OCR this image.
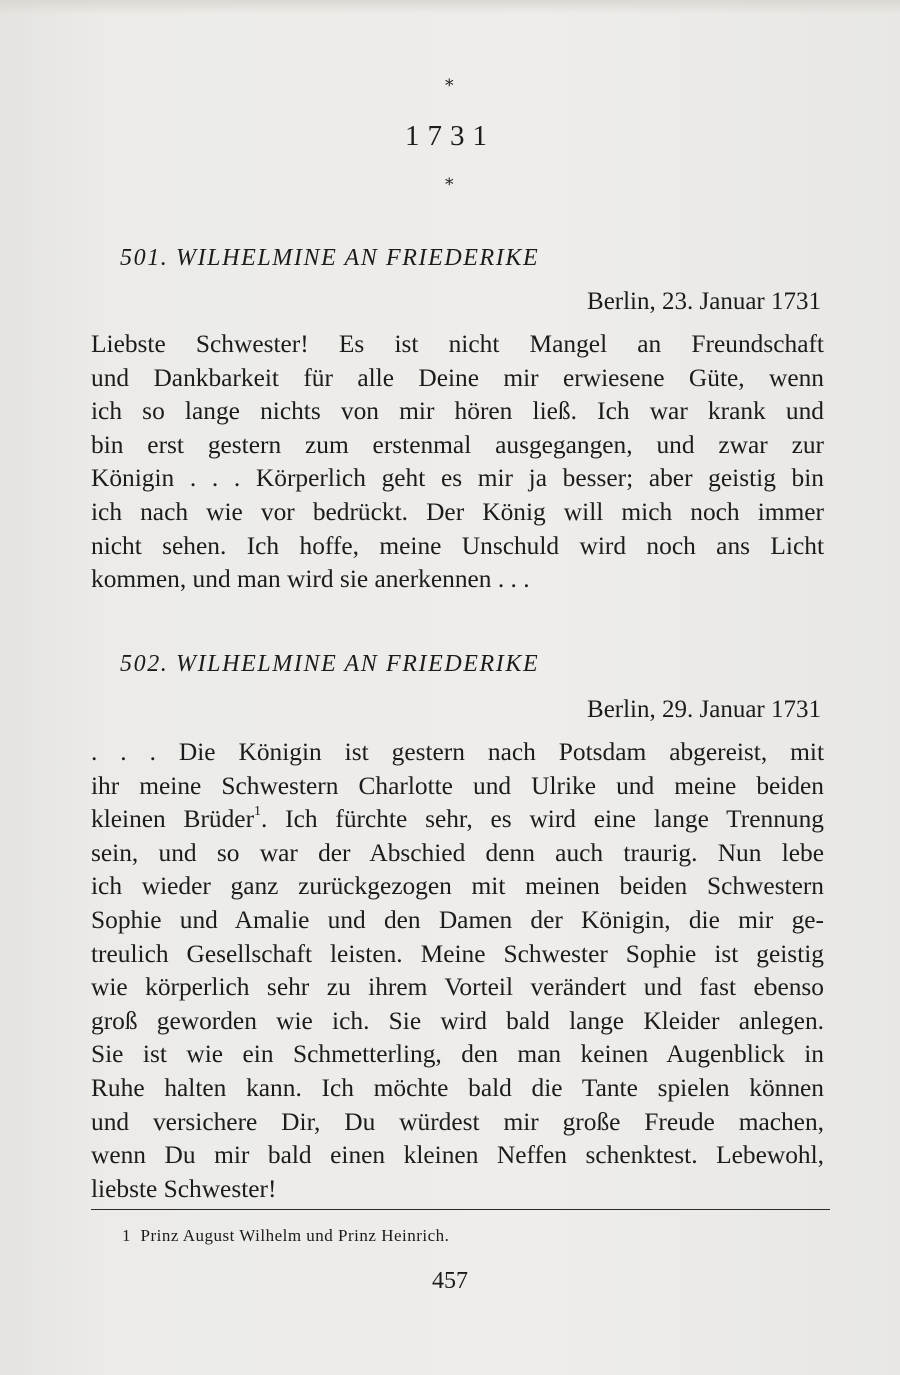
*
1731
*
501. WILHELMINE AN FRIEDERIKE
Berlin, 23. Januar 1731
Liebste Schwester! Es ist nicht Mangel an Freundschaft
und Dankbarkeit für alle Deine mir erwiesene Güte, wenn
ich so lange nichts von mir hören ließ. Ich war krank und
bin erst gestern zum erstenmal ausgegangen, und zwar zur
Königin . . . Körperlich geht es mir ja besser; aber geistig bin
ich nach wie vor bedrückt. Der König will mich noch immer
nicht sehen. Ich hoffe, meine Unschuld wird noch ans Licht
kommen, und man wird sie anerkennen . . .
502. WILHELMINE AN FRIEDERIKE
Berlin, 29. Januar 1731
. . . Die Königin ist gestern nach Potsdam abgereist, mit
ihr meine Schwestern Charlotte und Ulrike und meine beiden
kleinen Brüder$^1$. Ich fürchte sehr, es wird eine lange Trennung
sein, und so war der Abschied denn auch traurig. Nun lebe
ich wieder ganz zurückgezogen mit meinen beiden Schwestern
Sophie und Amalie und den Damen der Königin, die mir ge-
treulich Gesellschaft leisten. Meine Schwester Sophie ist geistig
wie körperlich sehr zu ihrem Vorteil verändert und fast ebenso
groß geworden wie ich. Sie wird bald lange Kleider anlegen.
Sie ist wie ein Schmetterling, den man keinen Augenblick in
Ruhe halten kann. Ich möchte bald die Tante spielen können
und versichere Dir, Du würdest mir große Freude machen,
wenn Du mir bald einen kleinen Neffen schenktest. Lebewohl,
liebste Schwester!
1 Prinz August Wilhelm und Prinz Heinrich.
457
